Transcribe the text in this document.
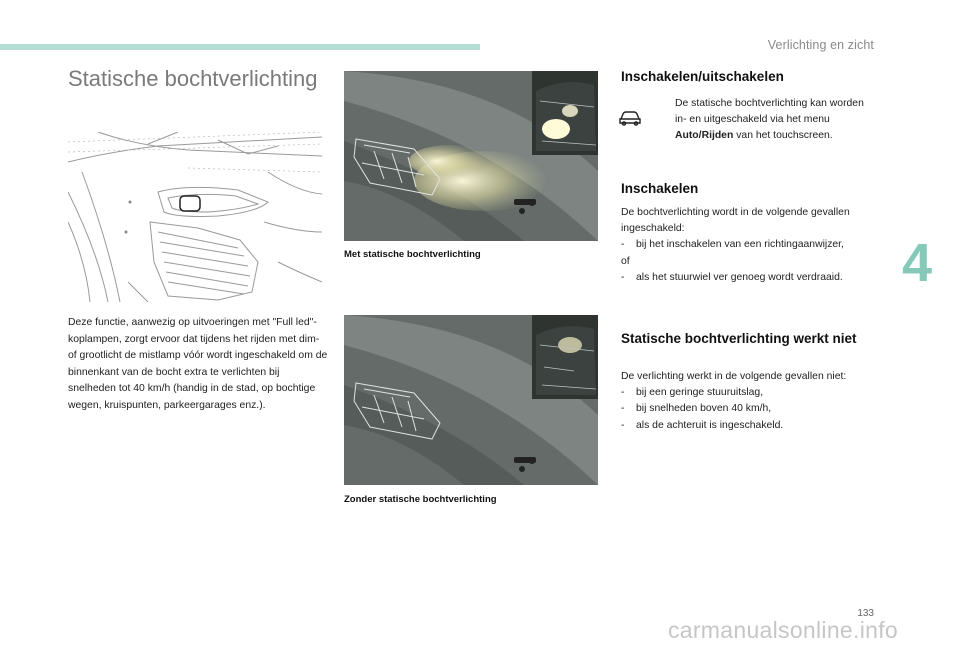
Verlichting en zicht
Statische bochtverlichting

Deze functie, aanwezig op uitvoeringen met "Full led"-koplampen, zorgt ervoor dat tijdens het rijden met dim- of grootlicht de mistlamp vóór wordt ingeschakeld om de binnenkant van de bocht extra te verlichten bij snelheden tot 40 km/h (handig in de stad, op bochtige wegen, kruispunten, parkeergarages enz.).

Met statische bochtverlichting
Zonder statische bochtverlichting
Inschakelen/uitschakelen

De statische bochtverlichting kan worden in- en uitgeschakeld via het menu Auto/Rijden van het touchscreen.

Inschakelen

De bochtverlichting wordt in de volgende gevallen ingeschakeld:

-	bij het inschakelen van een richtingaanwijzer,

of

-	als het stuurwiel ver genoeg wordt verdraaid.
Statische bochtverlichting werkt niet

De verlichting werkt in de volgende gevallen niet:

-	bij een geringe stuuruitslag,
-	bij snelheden boven 40 km/h,
-	als de achteruit is ingeschakeld.
4
133
carmanualsonline.info
